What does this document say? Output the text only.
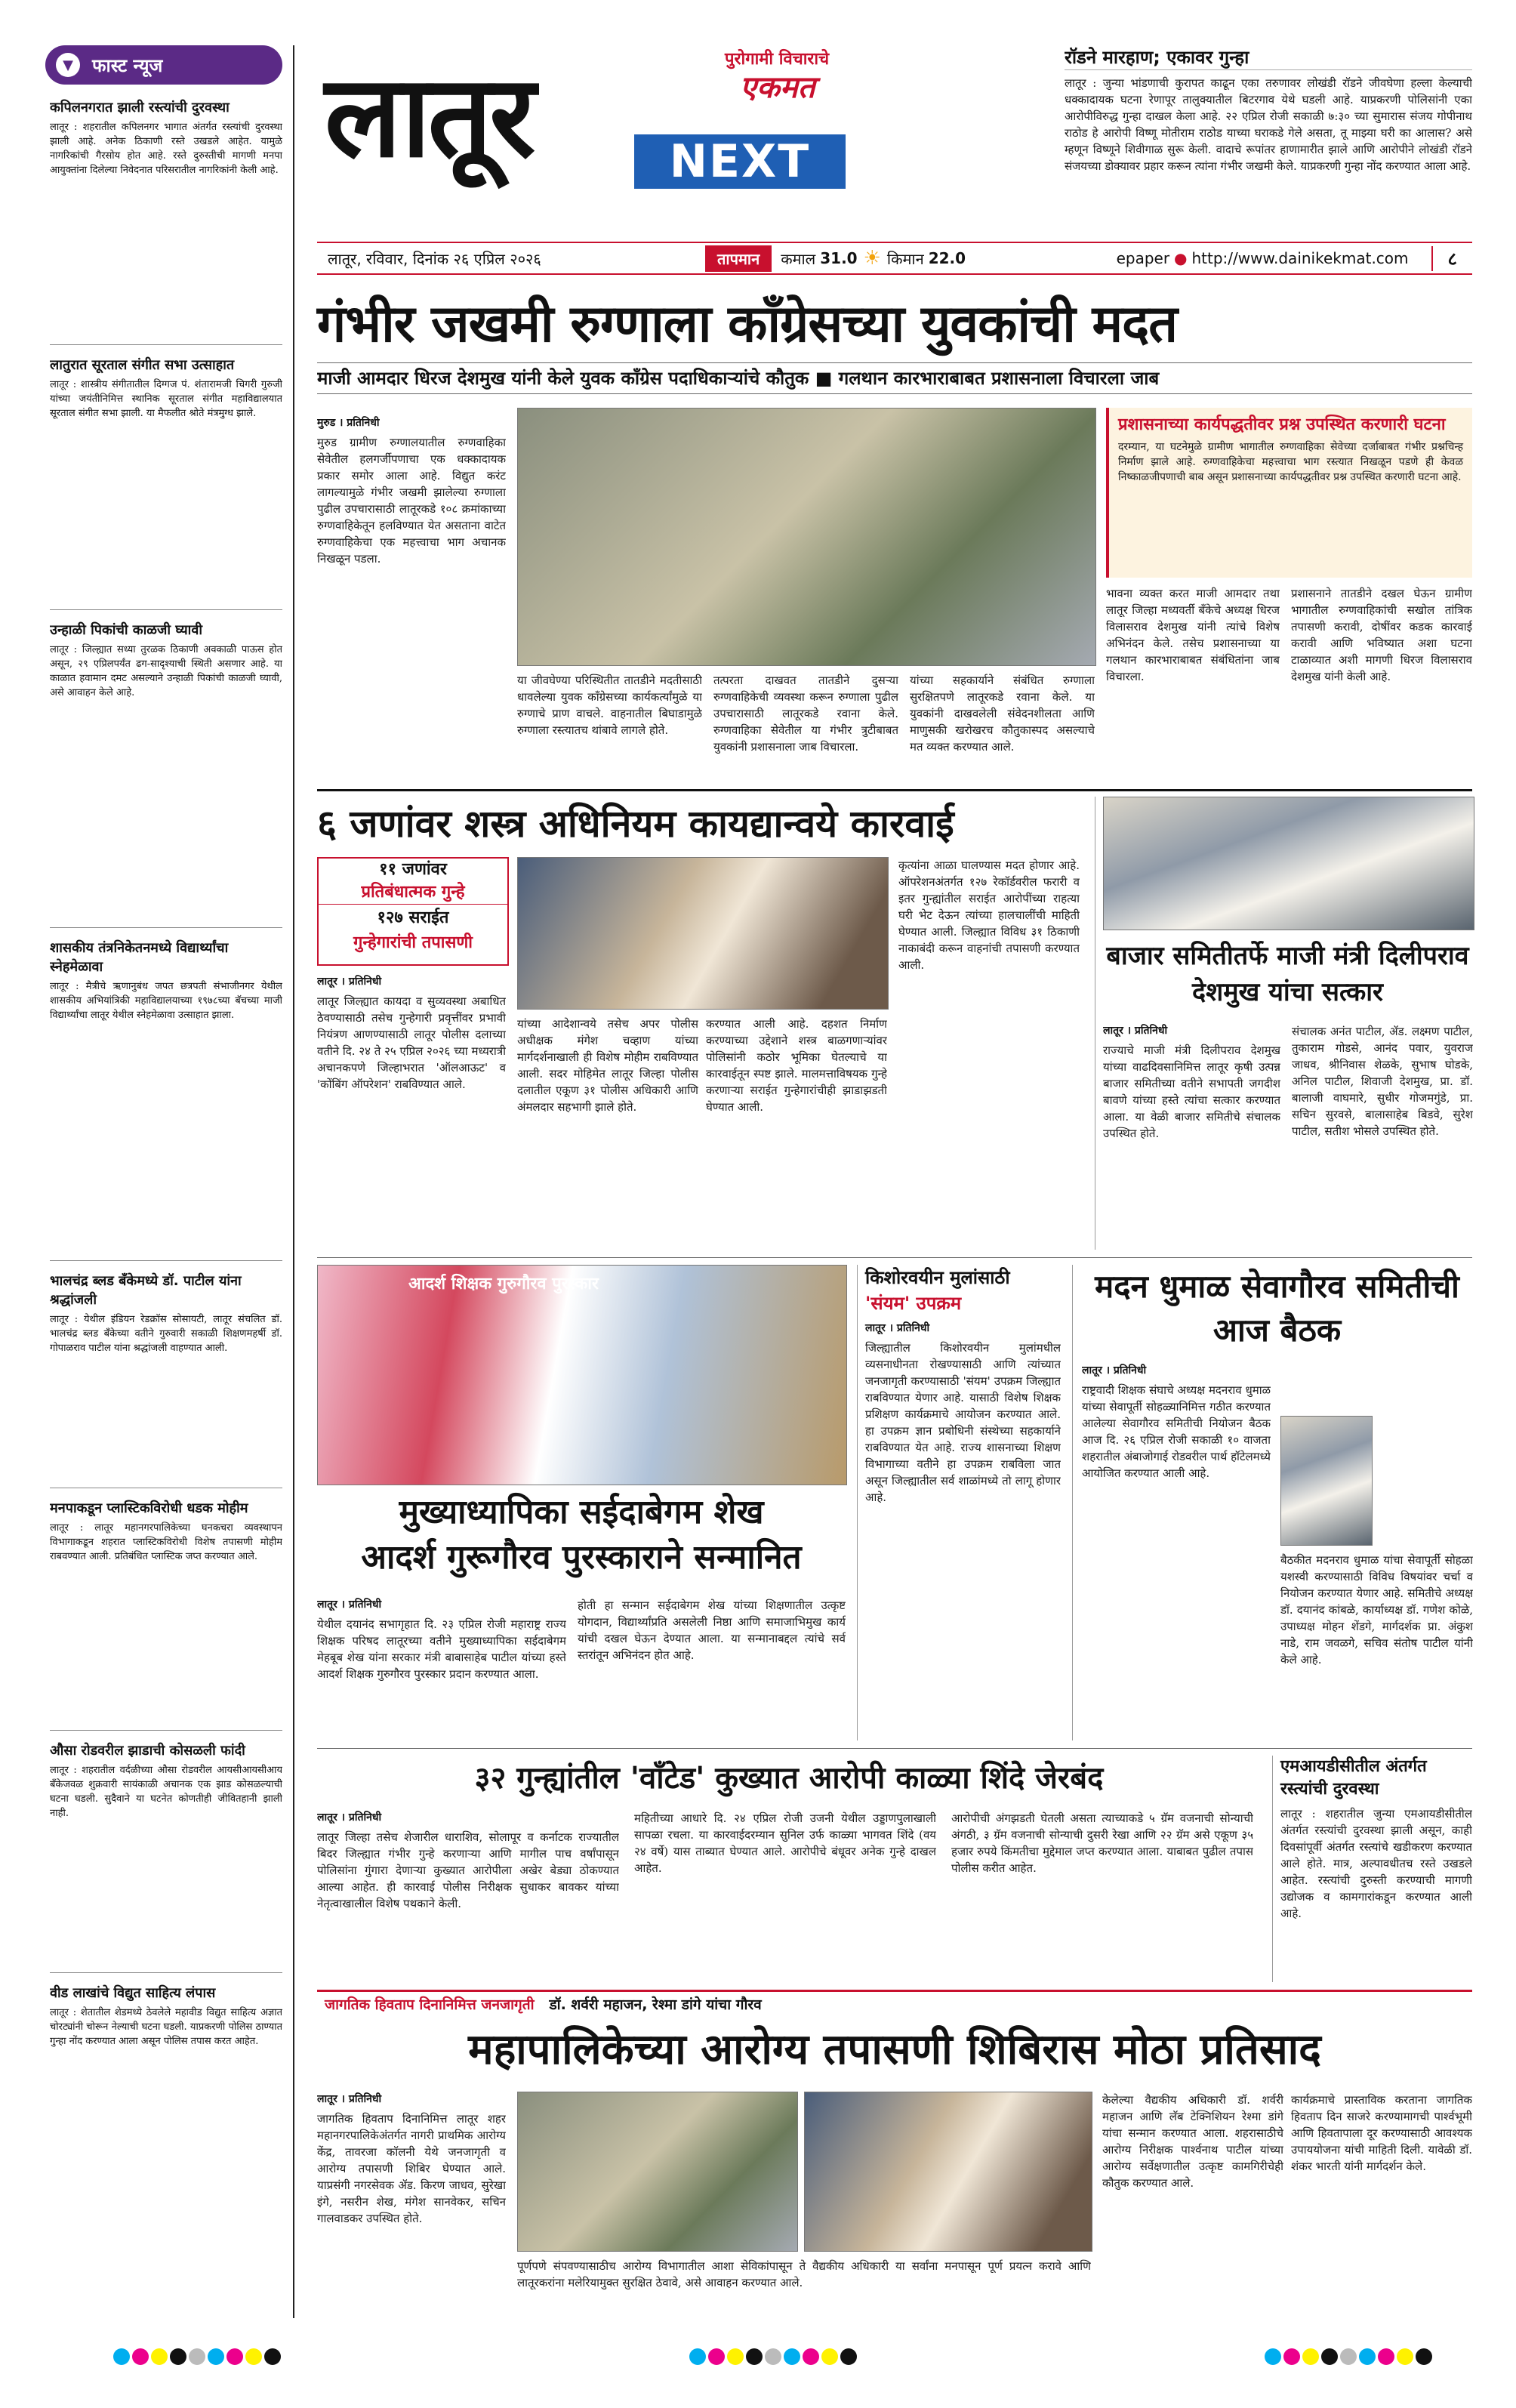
▼	फास्ट न्यूज
कपिलनगरात झाली रस्त्यांची दुरवस्था

लातूर : शहरातील कपिलनगर भागात अंतर्गत रस्त्यांची दुरवस्था झाली आहे. अनेक ठिकाणी रस्ते उखडले आहेत. यामुळे नागरिकांची गैरसोय होत आहे. रस्ते दुरुस्तीची मागणी मनपा आयुक्तांना दिलेल्या निवेदनात परिसरातील नागरिकांनी केली आहे.

लातुरात सूरताल संगीत सभा उत्साहात

लातूर : शास्त्रीय संगीतातील दिग्गज पं. शंतारामजी चिगरी गुरुजी यांच्या जयंतीनिमित्त स्थानिक सूरताल संगीत महाविद्यालयात सूरताल संगीत सभा झाली. या मैफलीत श्रोते मंत्रमुग्ध झाले.

उन्हाळी पिकांची काळजी घ्यावी

लातूर : जिल्ह्यात सध्या तुरळक ठिकाणी अवकाळी पाऊस होत असून, २९ एप्रिलपर्यंत ढग-सादृश्याची स्थिती असणार आहे. या काळात हवामान दमट असल्याने उन्हाळी पिकांची काळजी घ्यावी, असे आवाहन केले आहे.

शासकीय तंत्रनिकेतनमध्ये विद्यार्थ्यांचा स्नेहमेळावा

लातूर : मैत्रीचे ऋणानुबंध जपत छत्रपती संभाजीनगर येथील शासकीय अभियांत्रिकी महाविद्यालयाच्या १९७८च्या बॅचच्या माजी विद्यार्थ्यांचा लातूर येथील स्नेहमेळावा उत्साहात झाला.

भालचंद्र ब्लड बँकेमध्ये डॉ. पाटील यांना श्रद्धांजली

लातूर : येथील इंडियन रेडक्रॉस सोसायटी, लातूर संचलित डॉ. भालचंद्र ब्लड बँकेच्या वतीने गुरुवारी सकाळी शिक्षणमहर्षी डॉ. गोपाळराव पाटील यांना श्रद्धांजली वाहण्यात आली.

मनपाकडून प्लास्टिकविरोधी धडक मोहीम

लातूर : लातूर महानगरपालिकेच्या घनकचरा व्यवस्थापन विभागाकडून शहरात प्लास्टिकविरोधी विशेष तपासणी मोहीम राबवण्यात आली. प्रतिबंधित प्लास्टिक जप्त करण्यात आले.

औसा रोडवरील झाडाची कोसळली फांदी

लातूर : शहरातील वर्दळीच्या औसा रोडवरील आयसीआयसीआय बँकेजवळ शुक्रवारी सायंकाळी अचानक एक झाड कोसळल्याची घटना घडली. सुदैवाने या घटनेत कोणतीही जीवितहानी झाली नाही.

वीड लाखांचे विद्युत साहित्य लंपास

लातूर : शेतातील शेडमध्ये ठेवलेले महावीड विद्युत साहित्य अज्ञात चोरट्यांनी चोरून नेल्याची घटना घडली. याप्रकरणी पोलिस ठाण्यात गुन्हा नोंद करण्यात आला असून पोलिस तपास करत आहेत.

लातूर	पुरोगामी विचाराचे
एकमत
NEXT
रॉडने मारहाण; एकावर गुन्हा

लातूर : जुन्या भांडणाची कुरापत काढून एका तरुणावर लोखंडी रॉडने जीवघेणा हल्ला केल्याची धक्कादायक घटना रेणापूर तालुक्यातील बिटरगाव येथे घडली आहे. याप्रकरणी पोलिसांनी एका आरोपीविरुद्ध गुन्हा दाखल केला आहे. २२ एप्रिल रोजी सकाळी ७:३० च्या सुमारास संजय गोपीनाथ राठोड हे आरोपी विष्णू मोतीराम राठोड याच्या घराकडे गेले असता, तू माझ्या घरी का आलास? असे म्हणून विष्णूने शिवीगाळ सुरू केली. वादाचे रूपांतर हाणामारीत झाले आणि आरोपीने लोखंडी रॉडने संजयच्या डोक्यावर प्रहार करून त्यांना गंभीर जखमी केले. याप्रकरणी गुन्हा नोंद करण्यात आला आहे.

लातूर, रविवार, दिनांक २६ एप्रिल २०२६	तापमान	कमाल 31.0 ☀ किमान 22.0	epaper ● http://www.dainikekmat.com	८
गंभीर जखमी रुग्णाला काँग्रेसच्या युवकांची मदत
माजी आमदार धिरज देशमुख यांनी केले युवक काँग्रेस पदाधिकाऱ्यांचे कौतुक ■ गलथान कारभाराबाबत प्रशासनाला विचारला जाब

मुरुड । प्रतिनिधी

मुरुड ग्रामीण रुग्णालयातील रुग्णवाहिका सेवेतील हलगर्जीपणाचा एक धक्कादायक प्रकार समोर आला आहे. विद्युत करंट लागल्यामुळे गंभीर जखमी झालेल्या रुग्णाला पुढील उपचारासाठी लातूरकडे १०८ क्रमांकाच्या रुग्णवाहिकेतून हलविण्यात येत असताना वाटेत रुग्णवाहिकेचा एक महत्त्वाचा भाग अचानक निखळून पडला.

या जीवघेण्या परिस्थितीत तातडीने मदतीसाठी धावलेल्या युवक काँग्रेसच्या कार्यकर्त्यांमुळे या रुग्णाचे प्राण वाचले. वाहनातील बिघाडामुळे रुग्णाला रस्त्यातच थांबावे लागले होते.

तत्परता दाखवत तातडीने दुसऱ्या रुग्णवाहिकेची व्यवस्था करून रुग्णाला पुढील उपचारासाठी लातूरकडे रवाना केले. रुग्णवाहिका सेवेतील या गंभीर त्रुटीबाबत युवकांनी प्रशासनाला जाब विचारला.

यांच्या सहकार्याने संबंधित रुग्णाला सुरक्षितपणे लातूरकडे रवाना केले. या युवकांनी दाखवलेली संवेदनशीलता आणि माणुसकी खरोखरच कौतुकास्पद असल्याचे मत व्यक्त करण्यात आले.

प्रशासनाच्या कार्यपद्धतीवर प्रश्न उपस्थित करणारी घटना

दरम्यान, या घटनेमुळे ग्रामीण भागातील रुग्णवाहिका सेवेच्या दर्जाबाबत गंभीर प्रश्नचिन्ह निर्माण झाले आहे. रुग्णवाहिकेचा महत्त्वाचा भाग रस्त्यात निखळून पडणे ही केवळ निष्काळजीपणाची बाब असून प्रशासनाच्या कार्यपद्धतीवर प्रश्न उपस्थित करणारी घटना आहे.

भावना व्यक्त करत माजी आमदार तथा लातूर जिल्हा मध्यवर्ती बँकेचे अध्यक्ष धिरज विलासराव देशमुख यांनी त्यांचे विशेष अभिनंदन केले. तसेच प्रशासनाच्या या गलथान कारभाराबाबत संबंधितांना जाब विचारला.

प्रशासनाने तातडीने दखल घेऊन ग्रामीण भागातील रुग्णवाहिकांची सखोल तांत्रिक तपासणी करावी, दोषींवर कडक कारवाई करावी आणि भविष्यात अशा घटना टाळाव्यात अशी मागणी धिरज विलासराव देशमुख यांनी केली आहे.

६ जणांवर शस्त्र अधिनियम कायद्यान्वये कारवाई
११ जणांवर
प्रतिबंधात्मक गुन्हे
१२७ सराईत
गुन्हेगारांची तपासणी

लातूर । प्रतिनिधी

लातूर जिल्ह्यात कायदा व सुव्यवस्था अबाधित ठेवण्यासाठी तसेच गुन्हेगारी प्रवृत्तींवर प्रभावी नियंत्रण आणण्यासाठी लातूर पोलीस दलाच्या वतीने दि. २४ ते २५ एप्रिल २०२६ च्या मध्यरात्री अचानकपणे जिल्हाभरात 'ऑलआऊट' व 'कोंबिंग ऑपरेशन' राबविण्यात आले.

यांच्या आदेशान्वये तसेच अपर पोलीस अधीक्षक मंगेश चव्हाण यांच्या मार्गदर्शनाखाली ही विशेष मोहीम राबविण्यात आली. सदर मोहिमेत लातूर जिल्हा पोलीस दलातील एकूण ३१ पोलीस अधिकारी आणि अंमलदार सहभागी झाले होते.

करण्यात आली आहे. दहशत निर्माण करण्याच्या उद्देशाने शस्त्र बाळगणाऱ्यांवर पोलिसांनी कठोर भूमिका घेतल्याचे या कारवाईतून स्पष्ट झाले. मालमत्ताविषयक गुन्हे करणाऱ्या सराईत गुन्हेगारांचीही झाडाझडती घेण्यात आली.

कृत्यांना आळा घालण्यास मदत होणार आहे. ऑपरेशनअंतर्गत १२७ रेकॉर्डवरील फरारी व इतर गुन्ह्यांतील सराईत आरोपींच्या राहत्या घरी भेट देऊन त्यांच्या हालचालींची माहिती घेण्यात आली. जिल्ह्यात विविध ३१ ठिकाणी नाकाबंदी करून वाहनांची तपासणी करण्यात आली.	बाजार समितीतर्फे माजी मंत्री दिलीपराव देशमुख यांचा सत्कार

लातूर । प्रतिनिधी

राज्याचे माजी मंत्री दिलीपराव देशमुख यांच्या वाढदिवसानिमित्त लातूर कृषी उत्पन्न बाजार समितीच्या वतीने सभापती जगदीश बावणे यांच्या हस्ते त्यांचा सत्कार करण्यात आला. या वेळी बाजार समितीचे संचालक उपस्थित होते.

संचालक अनंत पाटील, ॲड. लक्ष्मण पाटील, तुकाराम गोडसे, आनंद पवार, युवराज जाधव, श्रीनिवास शेळके, सुभाष घोडके, अनिल पाटील, शिवाजी देशमुख, प्रा. डॉ. बालाजी वाघमारे, सुधीर गोजमगुंडे, प्रा. सचिन सुरवसे, बालासाहेब बिडवे, सुरेश पाटील, सतीश भोसले उपस्थित होते.

आदर्श शिक्षक गुरुगौरव पुरस्कार
मुख्याध्यापिका सईदाबेगम शेख
आदर्श गुरूगौरव पुरस्काराने सन्मानित

लातूर । प्रतिनिधी

येथील दयानंद सभागृहात दि. २३ एप्रिल रोजी महाराष्ट्र राज्य शिक्षक परिषद लातूरच्या वतीने मुख्याध्यापिका सईदाबेगम मेहबूब शेख यांना सरकार मंत्री बाबासाहेब पाटील यांच्या हस्ते आदर्श शिक्षक गुरुगौरव पुरस्कार प्रदान करण्यात आला.

होती हा सन्मान सईदाबेगम शेख यांच्या शिक्षणातील उत्कृष्ट योगदान, विद्यार्थ्यांप्रति असलेली निष्ठा आणि समाजाभिमुख कार्य यांची दखल घेऊन देण्यात आला. या सन्मानाबद्दल त्यांचे सर्व स्तरांतून अभिनंदन होत आहे.

किशोरवयीन मुलांसाठी
'संयम' उपक्रम

लातूर । प्रतिनिधी

जिल्ह्यातील किशोरवयीन मुलांमधील व्यसनाधीनता रोखण्यासाठी आणि त्यांच्यात जनजागृती करण्यासाठी 'संयम' उपक्रम जिल्ह्यात राबविण्यात येणार आहे. यासाठी विशेष शिक्षक प्रशिक्षण कार्यक्रमाचे आयोजन करण्यात आले. हा उपक्रम ज्ञान प्रबोधिनी संस्थेच्या सहकार्याने राबविण्यात येत आहे. राज्य शासनाच्या शिक्षण विभागाच्या वतीने हा उपक्रम राबविला जात असून जिल्ह्यातील सर्व शाळांमध्ये तो लागू होणार आहे.

मदन धुमाळ सेवागौरव समितीची आज बैठक

लातूर । प्रतिनिधी

राष्ट्रवादी शिक्षक संघाचे अध्यक्ष मदनराव धुमाळ यांच्या सेवापूर्ती सोहळ्यानिमित्त गठीत करण्यात आलेल्या सेवागौरव समितीची नियोजन बैठक आज दि. २६ एप्रिल रोजी सकाळी १० वाजता शहरातील अंबाजोगाई रोडवरील पार्थ हॉटेलमध्ये आयोजित करण्यात आली आहे.

बैठकीत मदनराव धुमाळ यांचा सेवापूर्ती सोहळा यशस्वी करण्यासाठी विविध विषयांवर चर्चा व नियोजन करण्यात येणार आहे. समितीचे अध्यक्ष डॉ. दयानंद कांबळे, कार्याध्यक्ष डॉ. गणेश कोळे, उपाध्यक्ष मोहन शेंडगे, मार्गदर्शक प्रा. अंकुश नाडे, राम जवळगे, सचिव संतोष पाटील यांनी केले आहे.

३२ गुन्ह्यांतील 'वाँटेड' कुख्यात आरोपी काळ्या शिंदे जेरबंद

लातूर । प्रतिनिधी

लातूर जिल्हा तसेच शेजारील धाराशिव, सोलापूर व कर्नाटक राज्यातील बिदर जिल्ह्यात गंभीर गुन्हे करणाऱ्या आणि मागील पाच वर्षांपासून पोलिसांना गुंगारा देणाऱ्या कुख्यात आरोपीला अखेर बेड्या ठोकण्यात आल्या आहेत. ही कारवाई पोलीस निरीक्षक सुधाकर बावकर यांच्या नेतृत्वाखालील विशेष पथकाने केली.

महितीच्या आधारे दि. २४ एप्रिल रोजी उजनी येथील उड्डाणपुलाखाली सापळा रचला. या कारवाईदरम्यान सुनिल उर्फ काळ्या भागवत शिंदे (वय २४ वर्षे) यास ताब्यात घेण्यात आले. आरोपीचे बंधूवर अनेक गुन्हे दाखल आहेत.

आरोपीची अंगझडती घेतली असता त्याच्याकडे ५ ग्रॅम वजनाची सोन्याची अंगठी, ३ ग्रॅम वजनाची सोन्याची दुसरी रेखा आणि २२ ग्रॅम असे एकूण ३५ हजार रुपये किंमतीचा मुद्देमाल जप्त करण्यात आला. याबाबत पुढील तपास पोलीस करीत आहेत.

एमआयडीसीतील अंतर्गत रस्त्यांची दुरवस्था

लातूर : शहरातील जुन्या एमआयडीसीतील अंतर्गत रस्त्यांची दुरवस्था झाली असून, काही दिवसांपूर्वी अंतर्गत रस्त्यांचे खडीकरण करण्यात आले होते. मात्र, अल्पावधीतच रस्ते उखडले आहेत. रस्त्यांची दुरुस्ती करण्याची मागणी उद्योजक व कामगारांकडून करण्यात आली आहे.

जागतिक हिवताप दिनानिमित्त जनजागृती डॉ. शर्वरी महाजन, रेश्मा डांगे यांचा गौरव
महापालिकेच्या आरोग्य तपासणी शिबिरास मोठा प्रतिसाद

लातूर । प्रतिनिधी

जागतिक हिवताप दिनानिमित्त लातूर शहर महानगरपालिकेअंतर्गत नागरी प्राथमिक आरोग्य केंद्र, तावरजा कॉलनी येथे जनजागृती व आरोग्य तपासणी शिबिर घेण्यात आले. याप्रसंगी नगरसेवक ॲड. किरण जाधव, सुरेखा इंगे, नसरीन शेख, मंगेश सानवेकर, सचिन गालवाडकर उपस्थित होते.

पूर्णपणे संपवण्यासाठीच आरोग्य विभागातील आशा सेविकांपासून ते वैद्यकीय अधिकारी या सर्वांना मनपासून पूर्ण प्रयत्न करावे आणि लातूरकरांना मलेरियामुक्त सुरक्षित ठेवावे, असे आवाहन करण्यात आले.

केलेल्या वैद्यकीय अधिकारी डॉ. शर्वरी महाजन आणि लॅब टेक्निशियन रेश्मा डांगे यांचा सन्मान करण्यात आला. शहरासाठीचे आरोग्य निरीक्षक पार्श्वनाथ पाटील यांच्या आरोग्य सर्वेक्षणातील उत्कृष्ट कामगिरीचेही कौतुक करण्यात आले.

कार्यक्रमाचे प्रास्ताविक करताना जागतिक हिवताप दिन साजरे करण्यामागची पार्श्वभूमी आणि हिवतापाला दूर करण्यासाठी आवश्यक उपाययोजना यांची माहिती दिली. यावेळी डॉ. शंकर भारती यांनी मार्गदर्शन केले.
